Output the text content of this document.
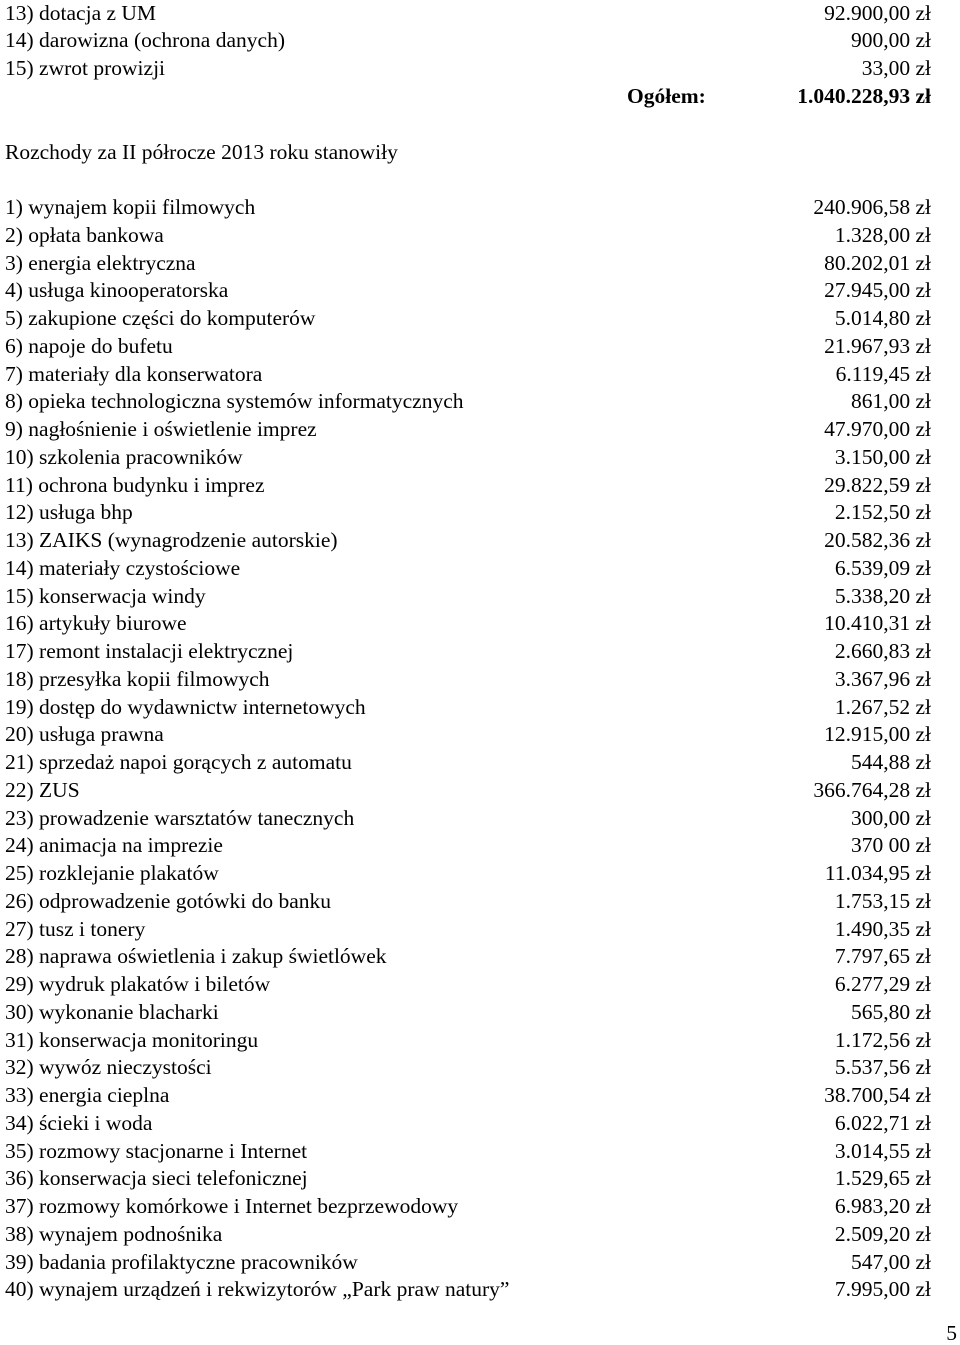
13) dotacja z UM	92.900,00 zł
14) darowizna (ochrona danych)	900,00 zł
15) zwrot prowizji	33,00 zł
Ogółem:	1.040.228,93 zł
Rozchody za II półrocze 2013 roku stanowiły
1) wynajem kopii filmowych	240.906,58 zł
2) opłata bankowa	1.328,00 zł
3) energia elektryczna	80.202,01 zł
4) usługa kinooperatorska	27.945,00 zł
5) zakupione części do komputerów	5.014,80 zł
6) napoje do bufetu	21.967,93 zł
7) materiały dla konserwatora	6.119,45 zł
8) opieka technologiczna systemów informatycznych	861,00 zł
9) nagłośnienie i oświetlenie imprez	47.970,00 zł
10) szkolenia pracowników	3.150,00 zł
11) ochrona budynku i imprez	29.822,59 zł
12) usługa bhp	2.152,50 zł
13) ZAIKS (wynagrodzenie autorskie)	20.582,36 zł
14) materiały czystościowe	6.539,09 zł
15) konserwacja windy	5.338,20 zł
16) artykuły biurowe	10.410,31 zł
17) remont instalacji elektrycznej	2.660,83 zł
18) przesyłka kopii filmowych	3.367,96 zł
19) dostęp do wydawnictw internetowych	1.267,52 zł
20) usługa prawna	12.915,00 zł
21) sprzedaż napoi gorących z automatu	544,88 zł
22) ZUS	366.764,28 zł
23) prowadzenie warsztatów tanecznych	300,00 zł
24) animacja na imprezie	370 00 zł
25) rozklejanie plakatów	11.034,95 zł
26) odprowadzenie gotówki do banku	1.753,15 zł
27) tusz i tonery	1.490,35 zł
28) naprawa oświetlenia i zakup świetlówek	7.797,65 zł
29) wydruk plakatów i biletów	6.277,29 zł
30) wykonanie blacharki	565,80 zł
31) konserwacja monitoringu	1.172,56 zł
32) wywóz nieczystości	5.537,56 zł
33) energia cieplna	38.700,54 zł
34) ścieki i woda	6.022,71 zł
35) rozmowy stacjonarne i Internet	3.014,55 zł
36) konserwacja sieci telefonicznej	1.529,65 zł
37) rozmowy komórkowe i Internet bezprzewodowy	6.983,20 zł
38) wynajem podnośnika	2.509,20 zł
39) badania profilaktyczne pracowników	547,00 zł
40) wynajem urządzeń i rekwizytorów „Park praw natury”	7.995,00 zł
5
